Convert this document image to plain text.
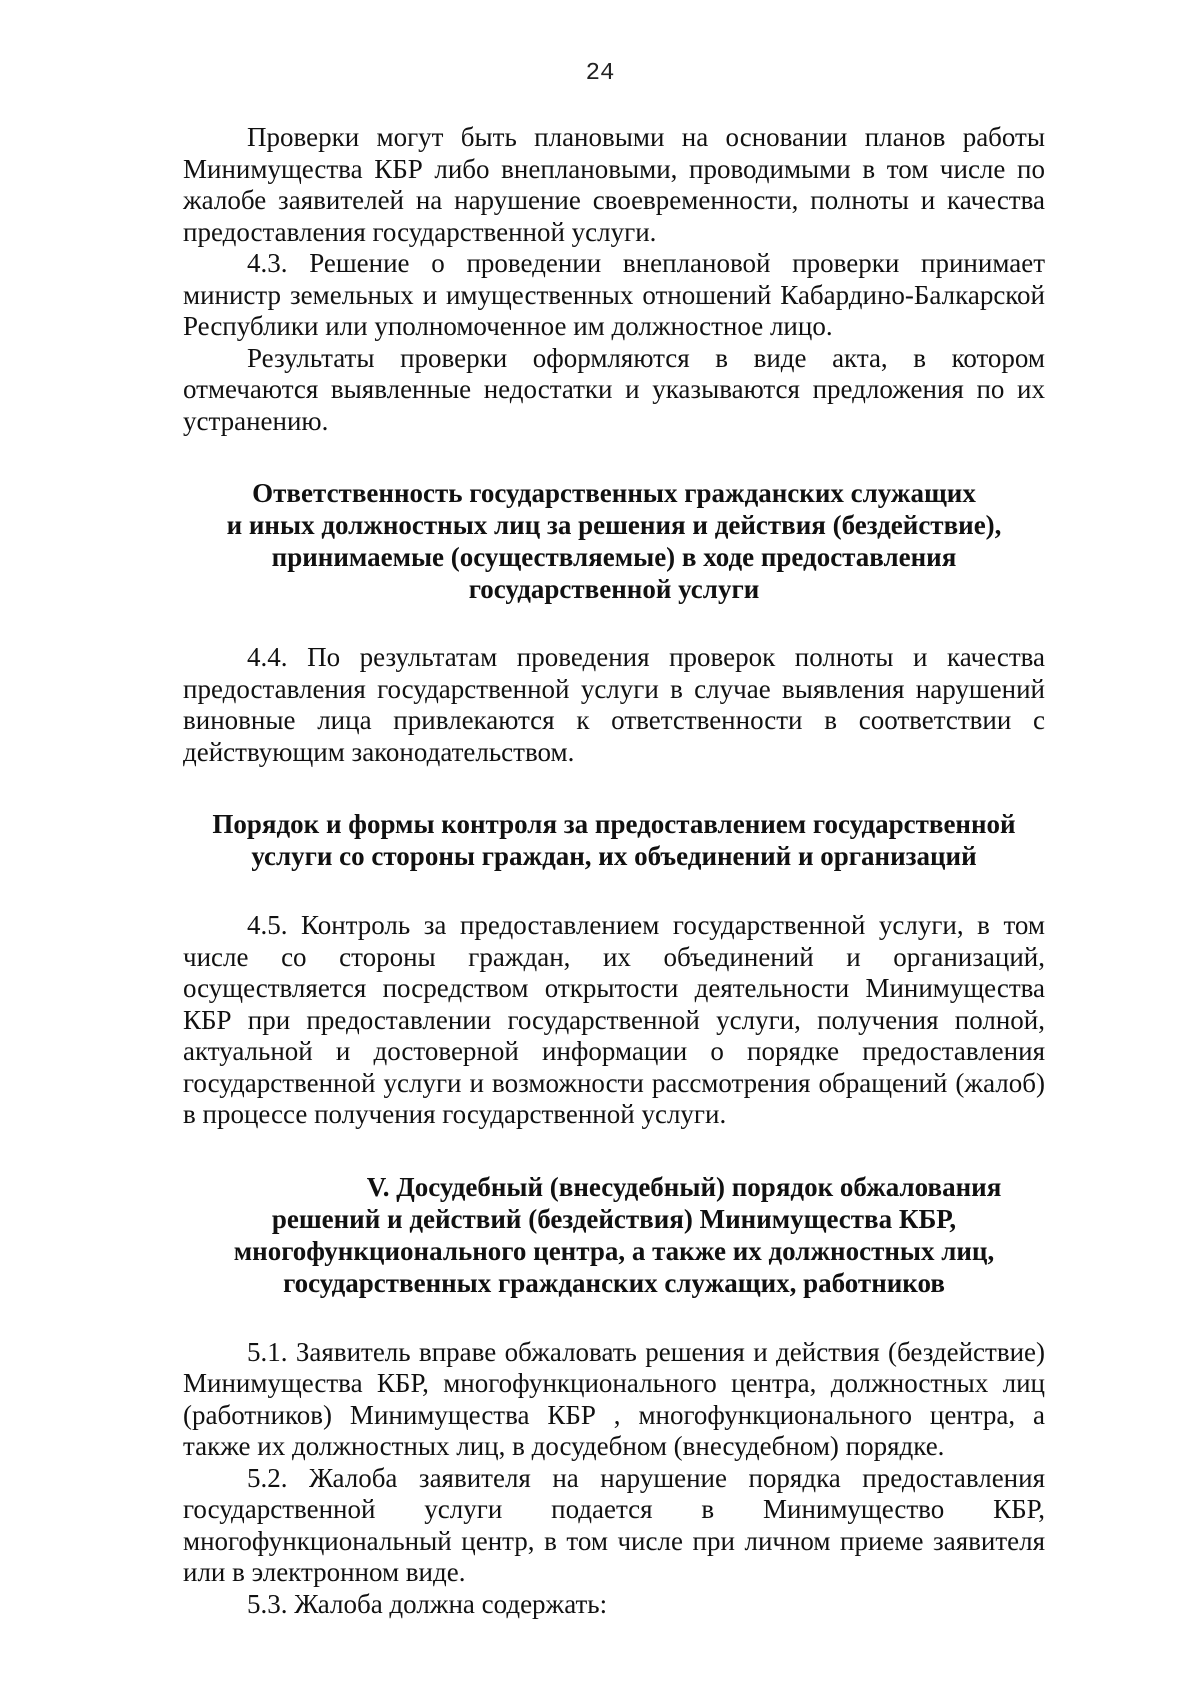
24

Проверки могут быть плановыми на основании планов работы Минимущества КБР либо внеплановыми, проводимыми в том числе по жалобе заявителей на нарушение своевременности, полноты и качества предоставления государственной услуги.

4.3. Решение о проведении внеплановой проверки принимает министр земельных и имущественных отношений Кабардино-Балкарской Республики или уполномоченное им должностное лицо.

Результаты проверки оформляются в виде акта, в котором отмечаются выявленные недостатки и указываются предложения по их устранению.

Ответственность государственных гражданских служащих
и иных должностных лиц за решения и действия (бездействие),
принимаемые (осуществляемые) в ходе предоставления
государственной услуги

4.4. По результатам проведения проверок полноты и качества предоставления государственной услуги в случае выявления нарушений виновные лица привлекаются к ответственности в соответствии с действующим законодательством.

Порядок и формы контроля за предоставлением государственной
услуги со стороны граждан, их объединений и организаций

4.5. Контроль за предоставлением государственной услуги, в том числе со стороны граждан, их объединений и организаций, осуществляется посредством открытости деятельности Минимущества КБР при предоставлении государственной услуги, получения полной, актуальной и достоверной информации о порядке предоставления государственной услуги и возможности рассмотрения обращений (жалоб) в процессе получения государственной услуги.

V. Досудебный (внесудебный) порядок обжалования
решений и действий (бездействия) Минимущества КБР,
многофункционального центра, а также их должностных лиц,
государственных гражданских служащих, работников

5.1. Заявитель вправе обжаловать решения и действия (бездействие) Минимущества КБР, многофункционального центра, должностных лиц (работников) Минимущества КБР , многофункционального центра, а также их должностных лиц, в досудебном (внесудебном) порядке.

5.2. Жалоба заявителя на нарушение порядка предоставления государственной услуги подается в Минимущество КБР, многофункциональный центр, в том числе при личном приеме заявителя или в электронном виде.

5.3. Жалоба должна содержать:
